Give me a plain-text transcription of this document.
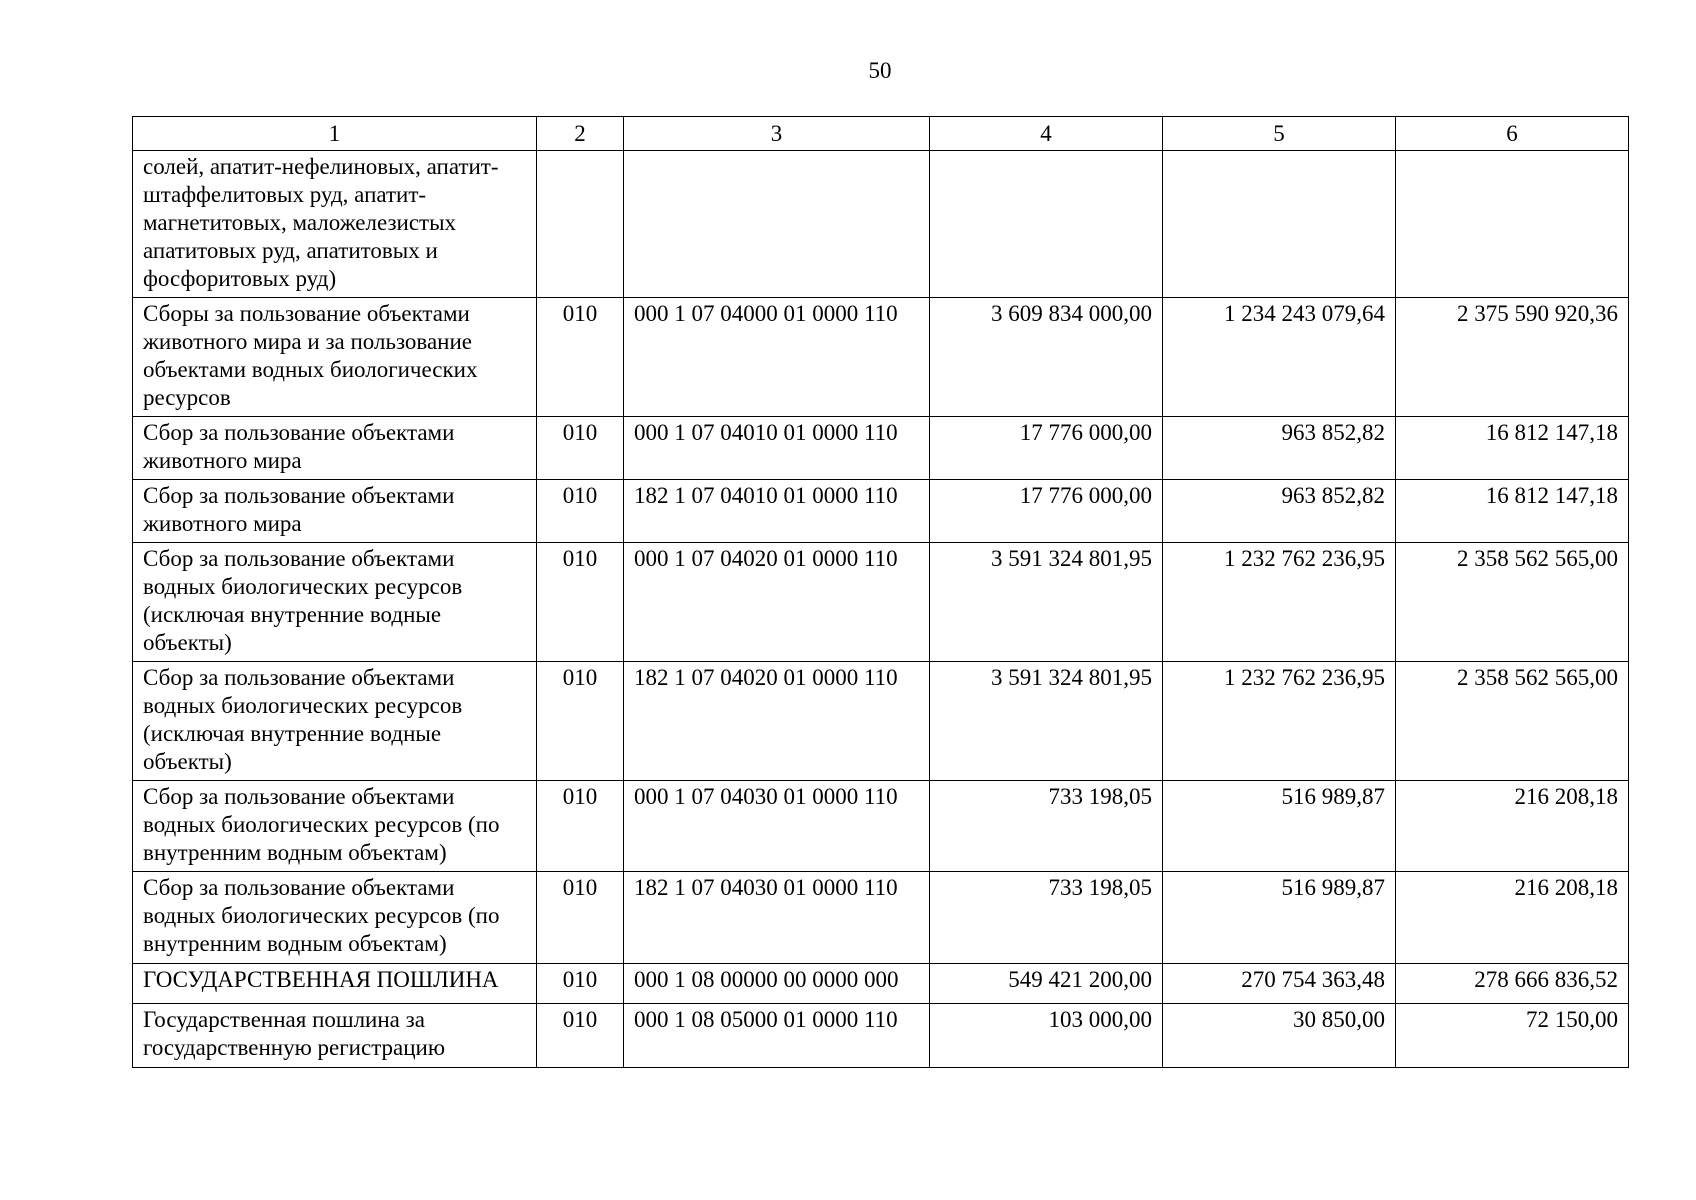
50
1	2	3	4	5	6
солей, апатит-нефелиновых, апатит-штаффелитовых руд, апатит-магнетитовых, маложелезистых апатитовых руд, апатитовых и фосфоритовых руд)					
Сборы за пользование объектами животного мира и за пользование объектами водных биологических ресурсов	010	000 1 07 04000 01 0000 110	3 609 834 000,00	1 234 243 079,64	2 375 590 920,36
Сбор за пользование объектами животного мира	010	000 1 07 04010 01 0000 110	17 776 000,00	963 852,82	16 812 147,18
Сбор за пользование объектами животного мира	010	182 1 07 04010 01 0000 110	17 776 000,00	963 852,82	16 812 147,18
Сбор за пользование объектами водных биологических ресурсов (исключая внутренние водные объекты)	010	000 1 07 04020 01 0000 110	3 591 324 801,95	1 232 762 236,95	2 358 562 565,00
Сбор за пользование объектами водных биологических ресурсов (исключая внутренние водные объекты)	010	182 1 07 04020 01 0000 110	3 591 324 801,95	1 232 762 236,95	2 358 562 565,00
Сбор за пользование объектами водных биологических ресурсов (по внутренним водным объектам)	010	000 1 07 04030 01 0000 110	733 198,05	516 989,87	216 208,18
Сбор за пользование объектами водных биологических ресурсов (по внутренним водным объектам)	010	182 1 07 04030 01 0000 110	733 198,05	516 989,87	216 208,18
ГОСУДАРСТВЕННАЯ ПОШЛИНА	010	000 1 08 00000 00 0000 000	549 421 200,00	270 754 363,48	278 666 836,52
Государственная пошлина за государственную регистрацию	010	000 1 08 05000 01 0000 110	103 000,00	30 850,00	72 150,00
